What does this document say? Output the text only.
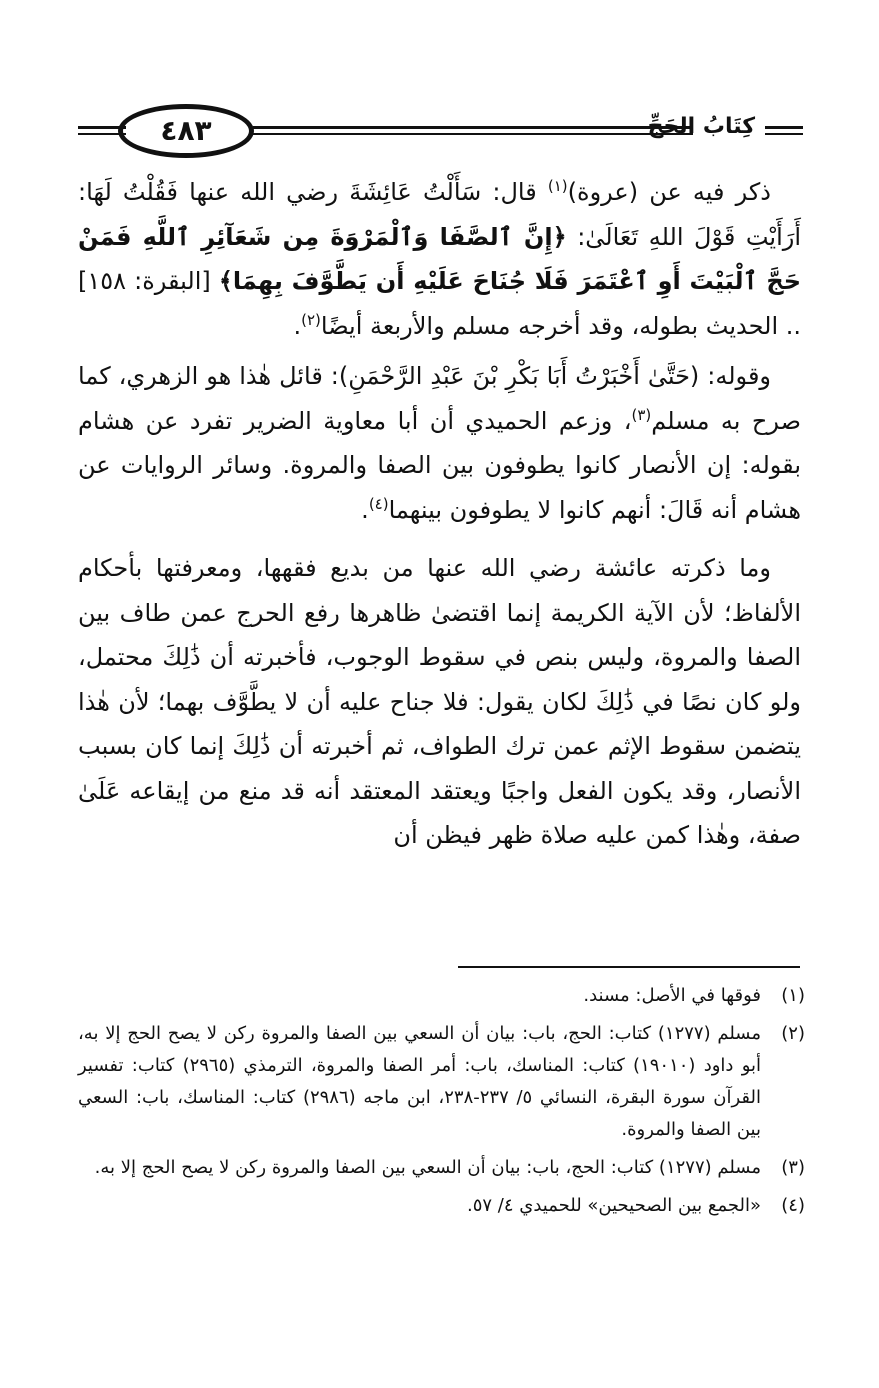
٤٨٣	كِتَابُ الحَجِّ

ذكر فيه عن (عروة)$^{(١)}$ قال: سَأَلْتُ عَائِشَةَ رضي الله عنها فَقُلْتُ لَهَا: أَرَأَيْتِ قَوْلَ اللهِ تَعَالَىٰ: ﴿إِنَّ ٱلصَّفَا وَٱلْمَرْوَةَ مِن شَعَآئِرِ ٱللَّهِ فَمَنْ حَجَّ ٱلْبَيْتَ أَوِ ٱعْتَمَرَ فَلَا جُنَاحَ عَلَيْهِ أَن يَطَّوَّفَ بِهِمَا﴾ [البقرة: ١٥٨] .. الحديث بطوله، وقد أخرجه مسلم والأربعة أيضًا$^{(٢)}$.

وقوله: (حَتَّىٰ أَخْبَرْتُ أَبَا بَكْرِ بْنَ عَبْدِ الرَّحْمَنِ): قائل هٰذا هو الزهري، كما صرح به مسلم$^{(٣)}$، وزعم الحميدي أن أبا معاوية الضرير تفرد عن هشام بقوله: إن الأنصار كانوا يطوفون بين الصفا والمروة. وسائر الروايات عن هشام أنه قَالَ: أنهم كانوا لا يطوفون بينهما$^{(٤)}$.

وما ذكرته عائشة رضي الله عنها من بديع فقهها، ومعرفتها بأحكام الألفاظ؛ لأن الآية الكريمة إنما اقتضىٰ ظاهرها رفع الحرج عمن طاف بين الصفا والمروة، وليس بنص في سقوط الوجوب، فأخبرته أن ذَٰلِكَ محتمل، ولو كان نصًا في ذَٰلِكَ لكان يقول: فلا جناح عليه أن لا يطَّوَّف بهما؛ لأن هٰذا يتضمن سقوط الإثم عمن ترك الطواف، ثم أخبرته أن ذَٰلِكَ إنما كان بسبب الأنصار، وقد يكون الفعل واجبًا ويعتقد المعتقد أنه قد منع من إيقاعه عَلَىٰ صفة، وهٰذا كمن عليه صلاة ظهر فيظن أن

(١)
فوقها في الأصل: مسند.
(٢)
مسلم (١٢٧٧) كتاب: الحج، باب: بيان أن السعي بين الصفا والمروة ركن لا يصح الحج إلا به، أبو داود (١٩٠١٠) كتاب: المناسك، باب: أمر الصفا والمروة، الترمذي (٢٩٦٥) كتاب: تفسير القرآن سورة البقرة، النسائي ٥/ ٢٣٧-٢٣٨، ابن ماجه (٢٩٨٦) كتاب: المناسك، باب: السعي بين الصفا والمروة.
(٣)
مسلم (١٢٧٧) كتاب: الحج، باب: بيان أن السعي بين الصفا والمروة ركن لا يصح الحج إلا به.
(٤)
«الجمع بين الصحيحين» للحميدي ٤/ ٥٧.
